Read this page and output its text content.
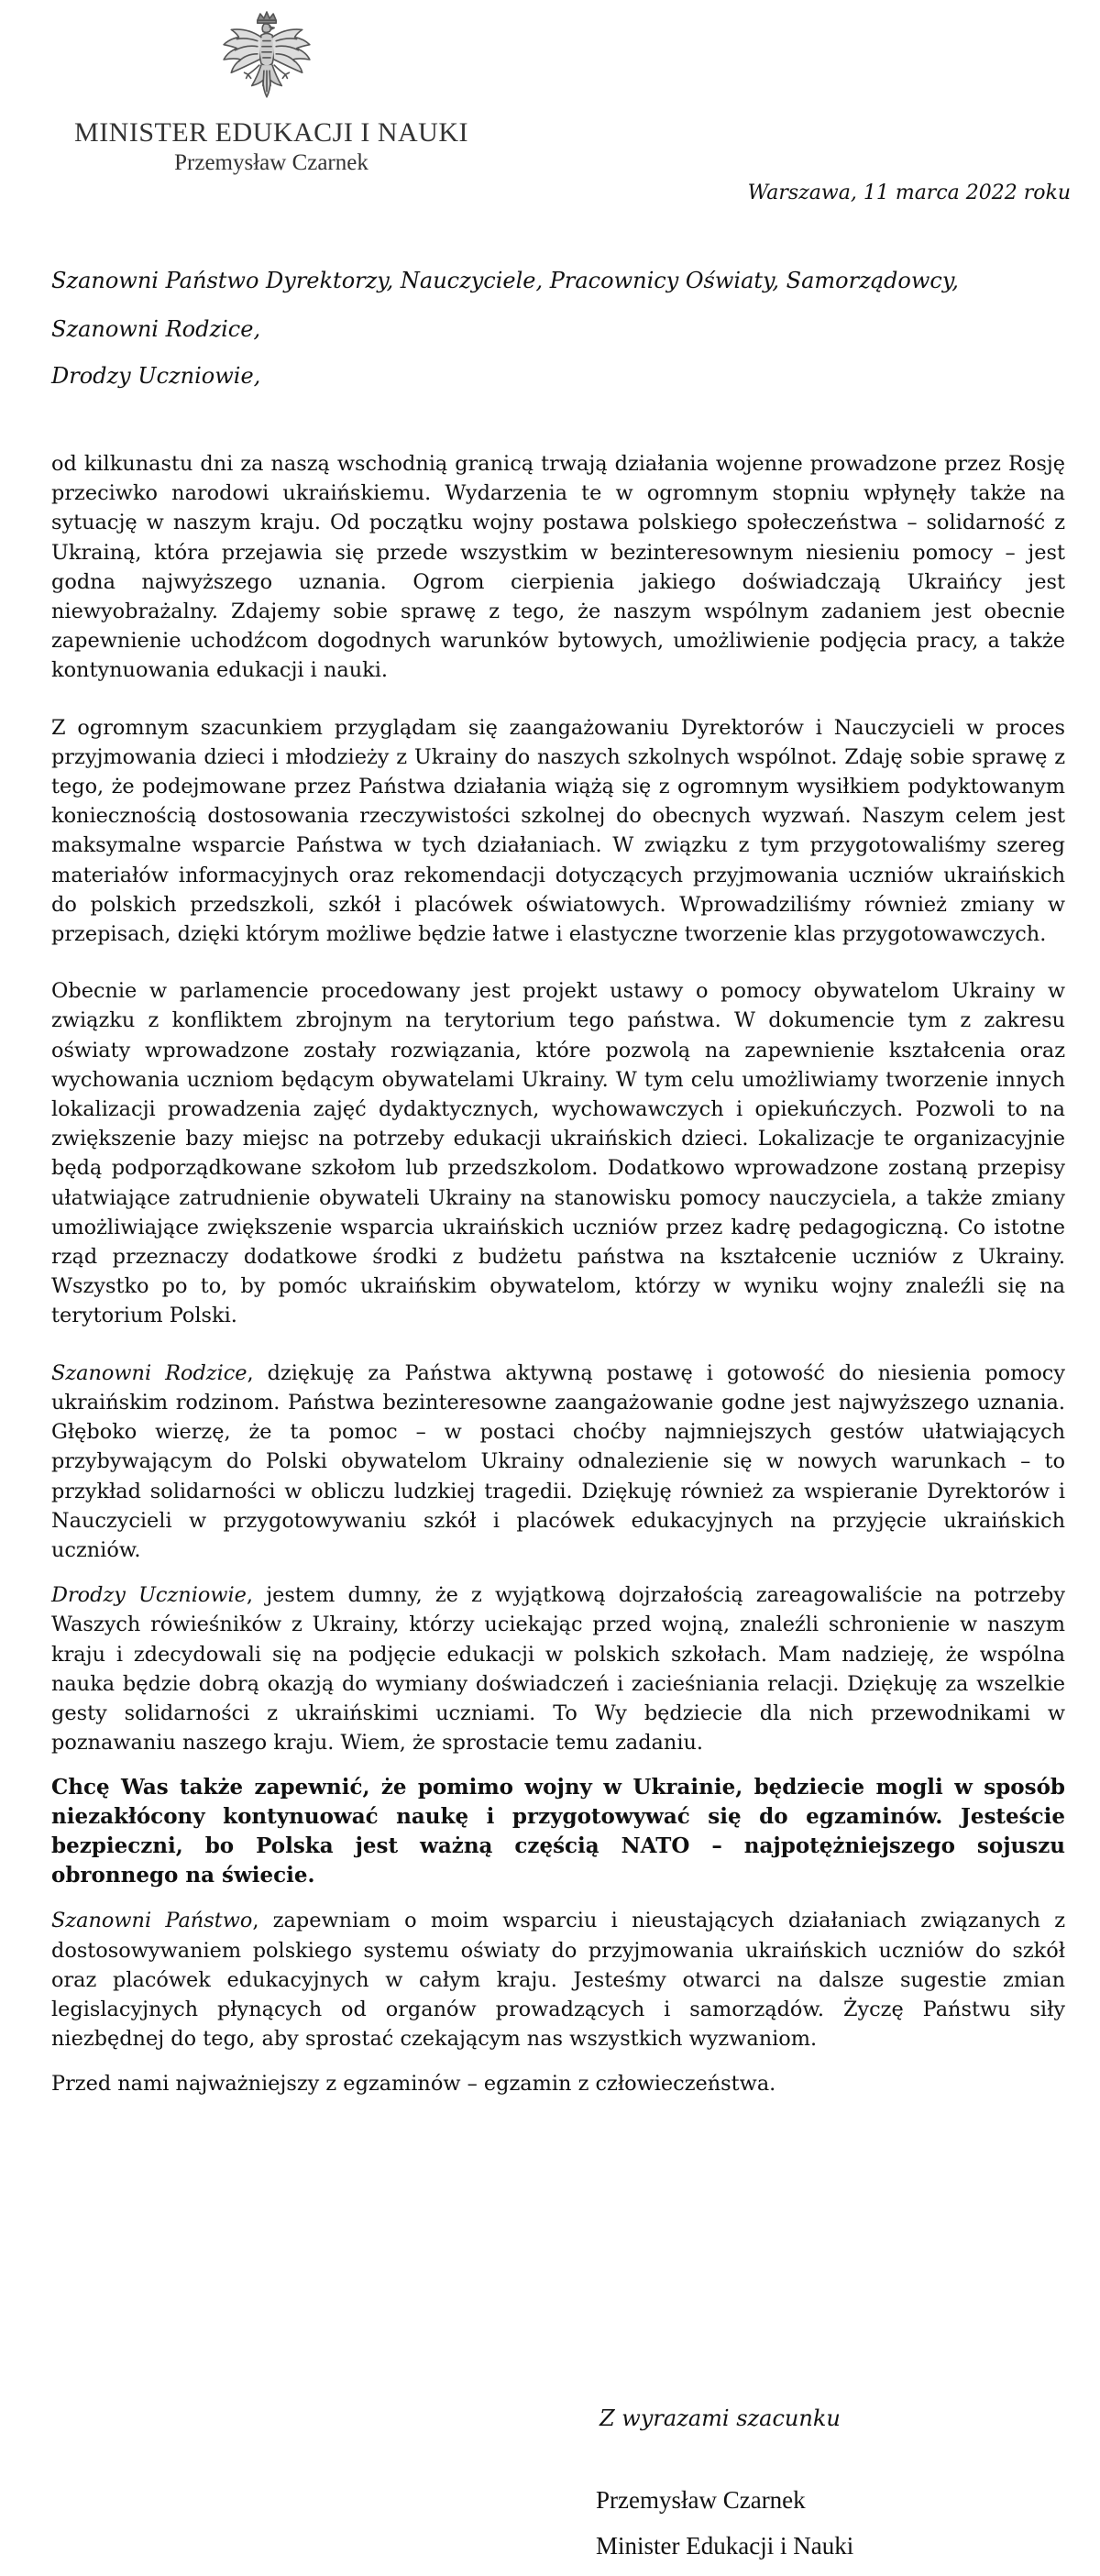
MINISTER EDUKACJI I NAUKI
Przemysław Czarnek
Warszawa, 11 marca 2022 roku
Szanowni Państwo Dyrektorzy, Nauczyciele, Pracownicy Oświaty, Samorządowcy,
Szanowni Rodzice,
Drodzy Uczniowie,

od kilkunastu dni za naszą wschodnią granicą trwają działania wojenne prowadzone przez Rosję przeciwko narodowi ukraińskiemu. Wydarzenia te w ogromnym stopniu wpłynęły także na sytuację w naszym kraju. Od początku wojny postawa polskiego społeczeństwa – solidarność z Ukrainą, która przejawia się przede wszystkim w bezinteresownym niesieniu pomocy – jest godna najwyższego uznania. Ogrom cierpienia jakiego doświadczają Ukraińcy jest niewyobrażalny. Zdajemy sobie sprawę z tego, że naszym wspólnym zadaniem jest obecnie zapewnienie uchodźcom dogodnych warunków bytowych, umożliwienie podjęcia pracy, a także kontynuowania edukacji i nauki.

Z ogromnym szacunkiem przyglądam się zaangażowaniu Dyrektorów i Nauczycieli w proces przyjmowania dzieci i młodzieży z Ukrainy do naszych szkolnych wspólnot. Zdaję sobie sprawę z tego, że podejmowane przez Państwa działania wiążą się z ogromnym wysiłkiem podyktowanym koniecznością dostosowania rzeczywistości szkolnej do obecnych wyzwań. Naszym celem jest maksymalne wsparcie Państwa w tych działaniach. W związku z tym przygotowaliśmy szereg materiałów informacyjnych oraz rekomendacji dotyczących przyjmowania uczniów ukraińskich do polskich przedszkoli, szkół i placówek oświatowych. Wprowadziliśmy również zmiany w przepisach, dzięki którym możliwe będzie łatwe i elastyczne tworzenie klas przygotowawczych.

Obecnie w parlamencie procedowany jest projekt ustawy o pomocy obywatelom Ukrainy w związku z konfliktem zbrojnym na terytorium tego państwa. W dokumencie tym z zakresu oświaty wprowadzone zostały rozwiązania, które pozwolą na zapewnienie kształcenia oraz wychowania uczniom będącym obywatelami Ukrainy. W tym celu umożliwiamy tworzenie innych lokalizacji prowadzenia zajęć dydaktycznych, wychowawczych i opiekuńczych. Pozwoli to na zwiększenie bazy miejsc na potrzeby edukacji ukraińskich dzieci. Lokalizacje te organizacyjnie będą podporządkowane szkołom lub przedszkolom. Dodatkowo wprowadzone zostaną przepisy ułatwiające zatrudnienie obywateli Ukrainy na stanowisku pomocy nauczyciela, a także zmiany umożliwiające zwiększenie wsparcia ukraińskich uczniów przez kadrę pedagogiczną. Co istotne rząd przeznaczy dodatkowe środki z budżetu państwa na kształcenie uczniów z Ukrainy. Wszystko po to, by pomóc ukraińskim obywatelom, którzy w wyniku wojny znaleźli się na terytorium Polski.

Szanowni Rodzice, dziękuję za Państwa aktywną postawę i gotowość do niesienia pomocy ukraińskim rodzinom. Państwa bezinteresowne zaangażowanie godne jest najwyższego uznania. Głęboko wierzę, że ta pomoc – w postaci choćby najmniejszych gestów ułatwiających przybywającym do Polski obywatelom Ukrainy odnalezienie się w nowych warunkach – to przykład solidarności w obliczu ludzkiej tragedii. Dziękuję również za wspieranie Dyrektorów i Nauczycieli w przygotowywaniu szkół i placówek edukacyjnych na przyjęcie ukraińskich uczniów.

Drodzy Uczniowie, jestem dumny, że z wyjątkową dojrzałością zareagowaliście na potrzeby Waszych rówieśników z Ukrainy, którzy uciekając przed wojną, znaleźli schronienie w naszym kraju i zdecydowali się na podjęcie edukacji w polskich szkołach. Mam nadzieję, że wspólna nauka będzie dobrą okazją do wymiany doświadczeń i zacieśniania relacji. Dziękuję za wszelkie gesty solidarności z ukraińskimi uczniami. To Wy będziecie dla nich przewodnikami w poznawaniu naszego kraju. Wiem, że sprostacie temu zadaniu.

Chcę Was także zapewnić, że pomimo wojny w Ukrainie, będziecie mogli w sposób niezakłócony kontynuować naukę i przygotowywać się do egzaminów. Jesteście bezpieczni, bo Polska jest ważną częścią NATO – najpotężniejszego sojuszu obronnego na świecie.

Szanowni Państwo, zapewniam o moim wsparciu i nieustających działaniach związanych z dostosowywaniem polskiego systemu oświaty do przyjmowania ukraińskich uczniów do szkół oraz placówek edukacyjnych w całym kraju. Jesteśmy otwarci na dalsze sugestie zmian legislacyjnych płynących od organów prowadzących i samorządów. Życzę Państwu siły niezbędnej do tego, aby sprostać czekającym nas wszystkich wyzwaniom.

Przed nami najważniejszy z egzaminów – egzamin z człowieczeństwa.

Z wyrazami szacunku
Przemysław Czarnek
Minister Edukacji i Nauki
